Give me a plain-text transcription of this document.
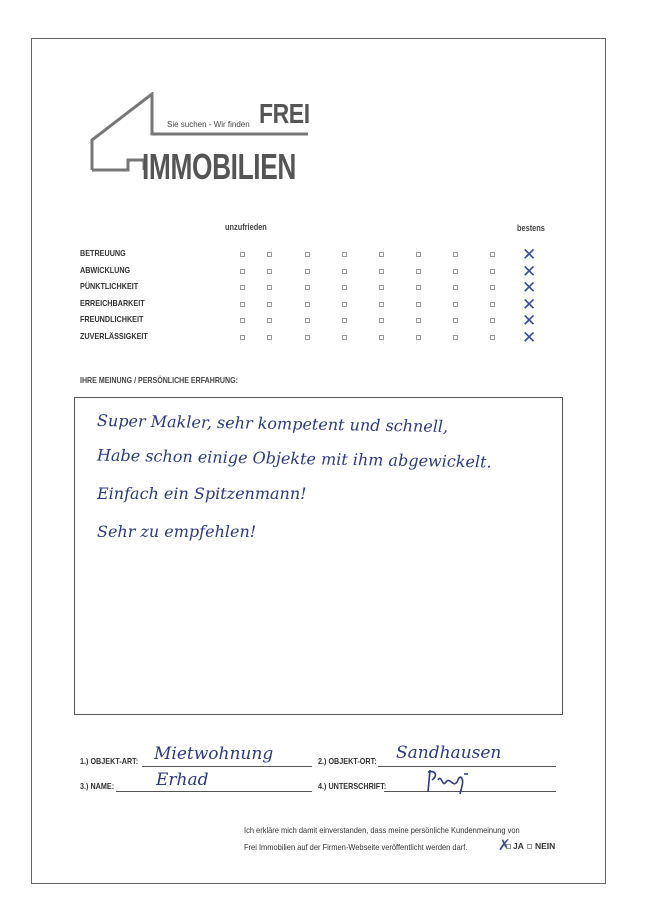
Sie suchen - Wir finden FREI
IMMOBILIEN
unzufrieden	bestens
BETREUUNG	✕
ABWICKLUNG	✕
PÜNKTLICHKEIT	✕
ERREICHBARKEIT	✕
FREUNDLICHKEIT	✕
ZUVERLÄSSIGKEIT	✕
IHRE MEINUNG / PERSÖNLICHE ERFAHRUNG:
Super Makler, sehr kompetent und schnell,
Habe schon einige Objekte mit ihm abgewickelt.
Einfach ein Spitzenmann!
Sehr zu empfehlen!
1.) OBJEKT-ART: Mietwohnung	2.) OBJEKT-ORT: Sandhausen
3.) NAME: Erhad	4.) UNTERSCHRIFT:
Ich erkläre mich damit einverstanden, dass meine persönliche Kundenmeinung von
Frei Immobilien auf der Firmen-Webseite veröffentlicht werden darf.	✗ JA NEIN
